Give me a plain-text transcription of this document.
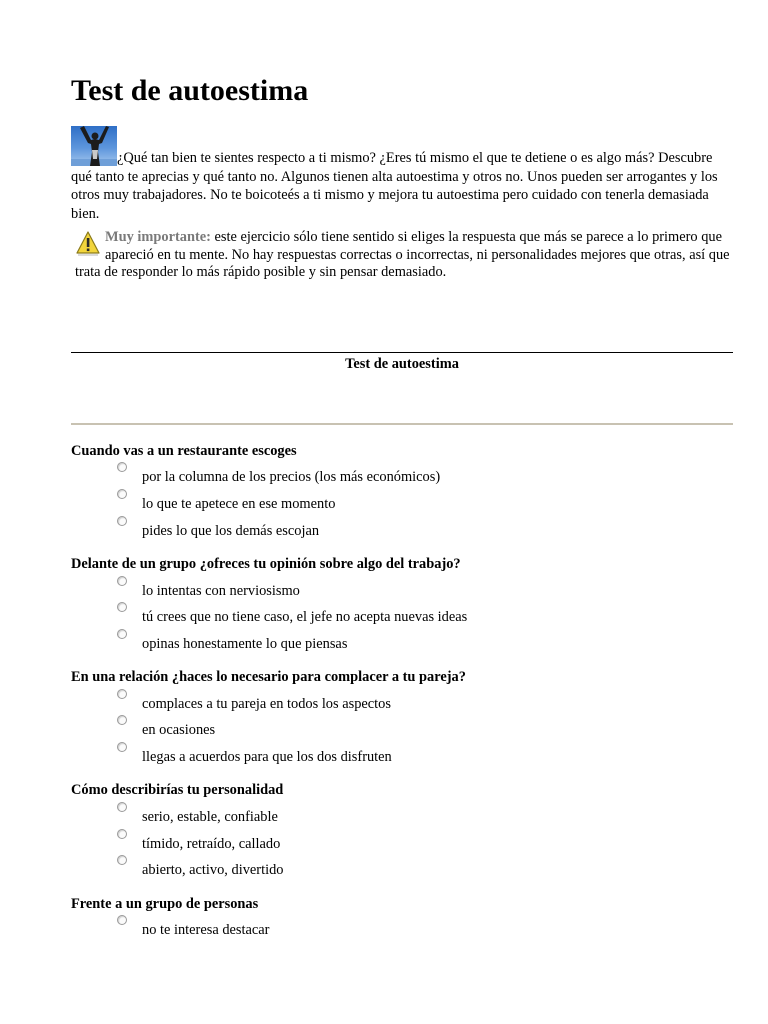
Test de autoestima
¿Qué tan bien te sientes respecto a ti mismo? ¿Eres tú mismo el que te detiene o es algo más? Descubre qué tanto te aprecias y qué tanto no. Algunos tienen alta autoestima y otros no. Unos pueden ser arrogantes y los otros muy trabajadores. No te boicoteés a ti mismo y mejora tu autoestima pero cuidado con tenerla demasiada bien.
Muy importante: este ejercicio sólo tiene sentido si eliges la respuesta que más se parece a lo primero que apareció en tu mente. No hay respuestas correctas o incorrectas, ni personalidades mejores que otras, así que trata de responder lo más rápido posible y sin pensar demasiado.
Test de autoestima
Cuando vas a un restaurante escoges
por la columna de los precios (los más económicos)
lo que te apetece en ese momento
pides lo que los demás escojan
Delante de un grupo ¿ofreces tu opinión sobre algo del trabajo?
lo intentas con nerviosismo
tú crees que no tiene caso, el jefe no acepta nuevas ideas
opinas honestamente lo que piensas
En una relación ¿haces lo necesario para complacer a tu pareja?
complaces a tu pareja en todos los aspectos
en ocasiones
llegas a acuerdos para que los dos disfruten
Cómo describirías tu personalidad
serio, estable, confiable
tímido, retraído, callado
abierto, activo, divertido
Frente a un grupo de personas
no te interesa destacar
